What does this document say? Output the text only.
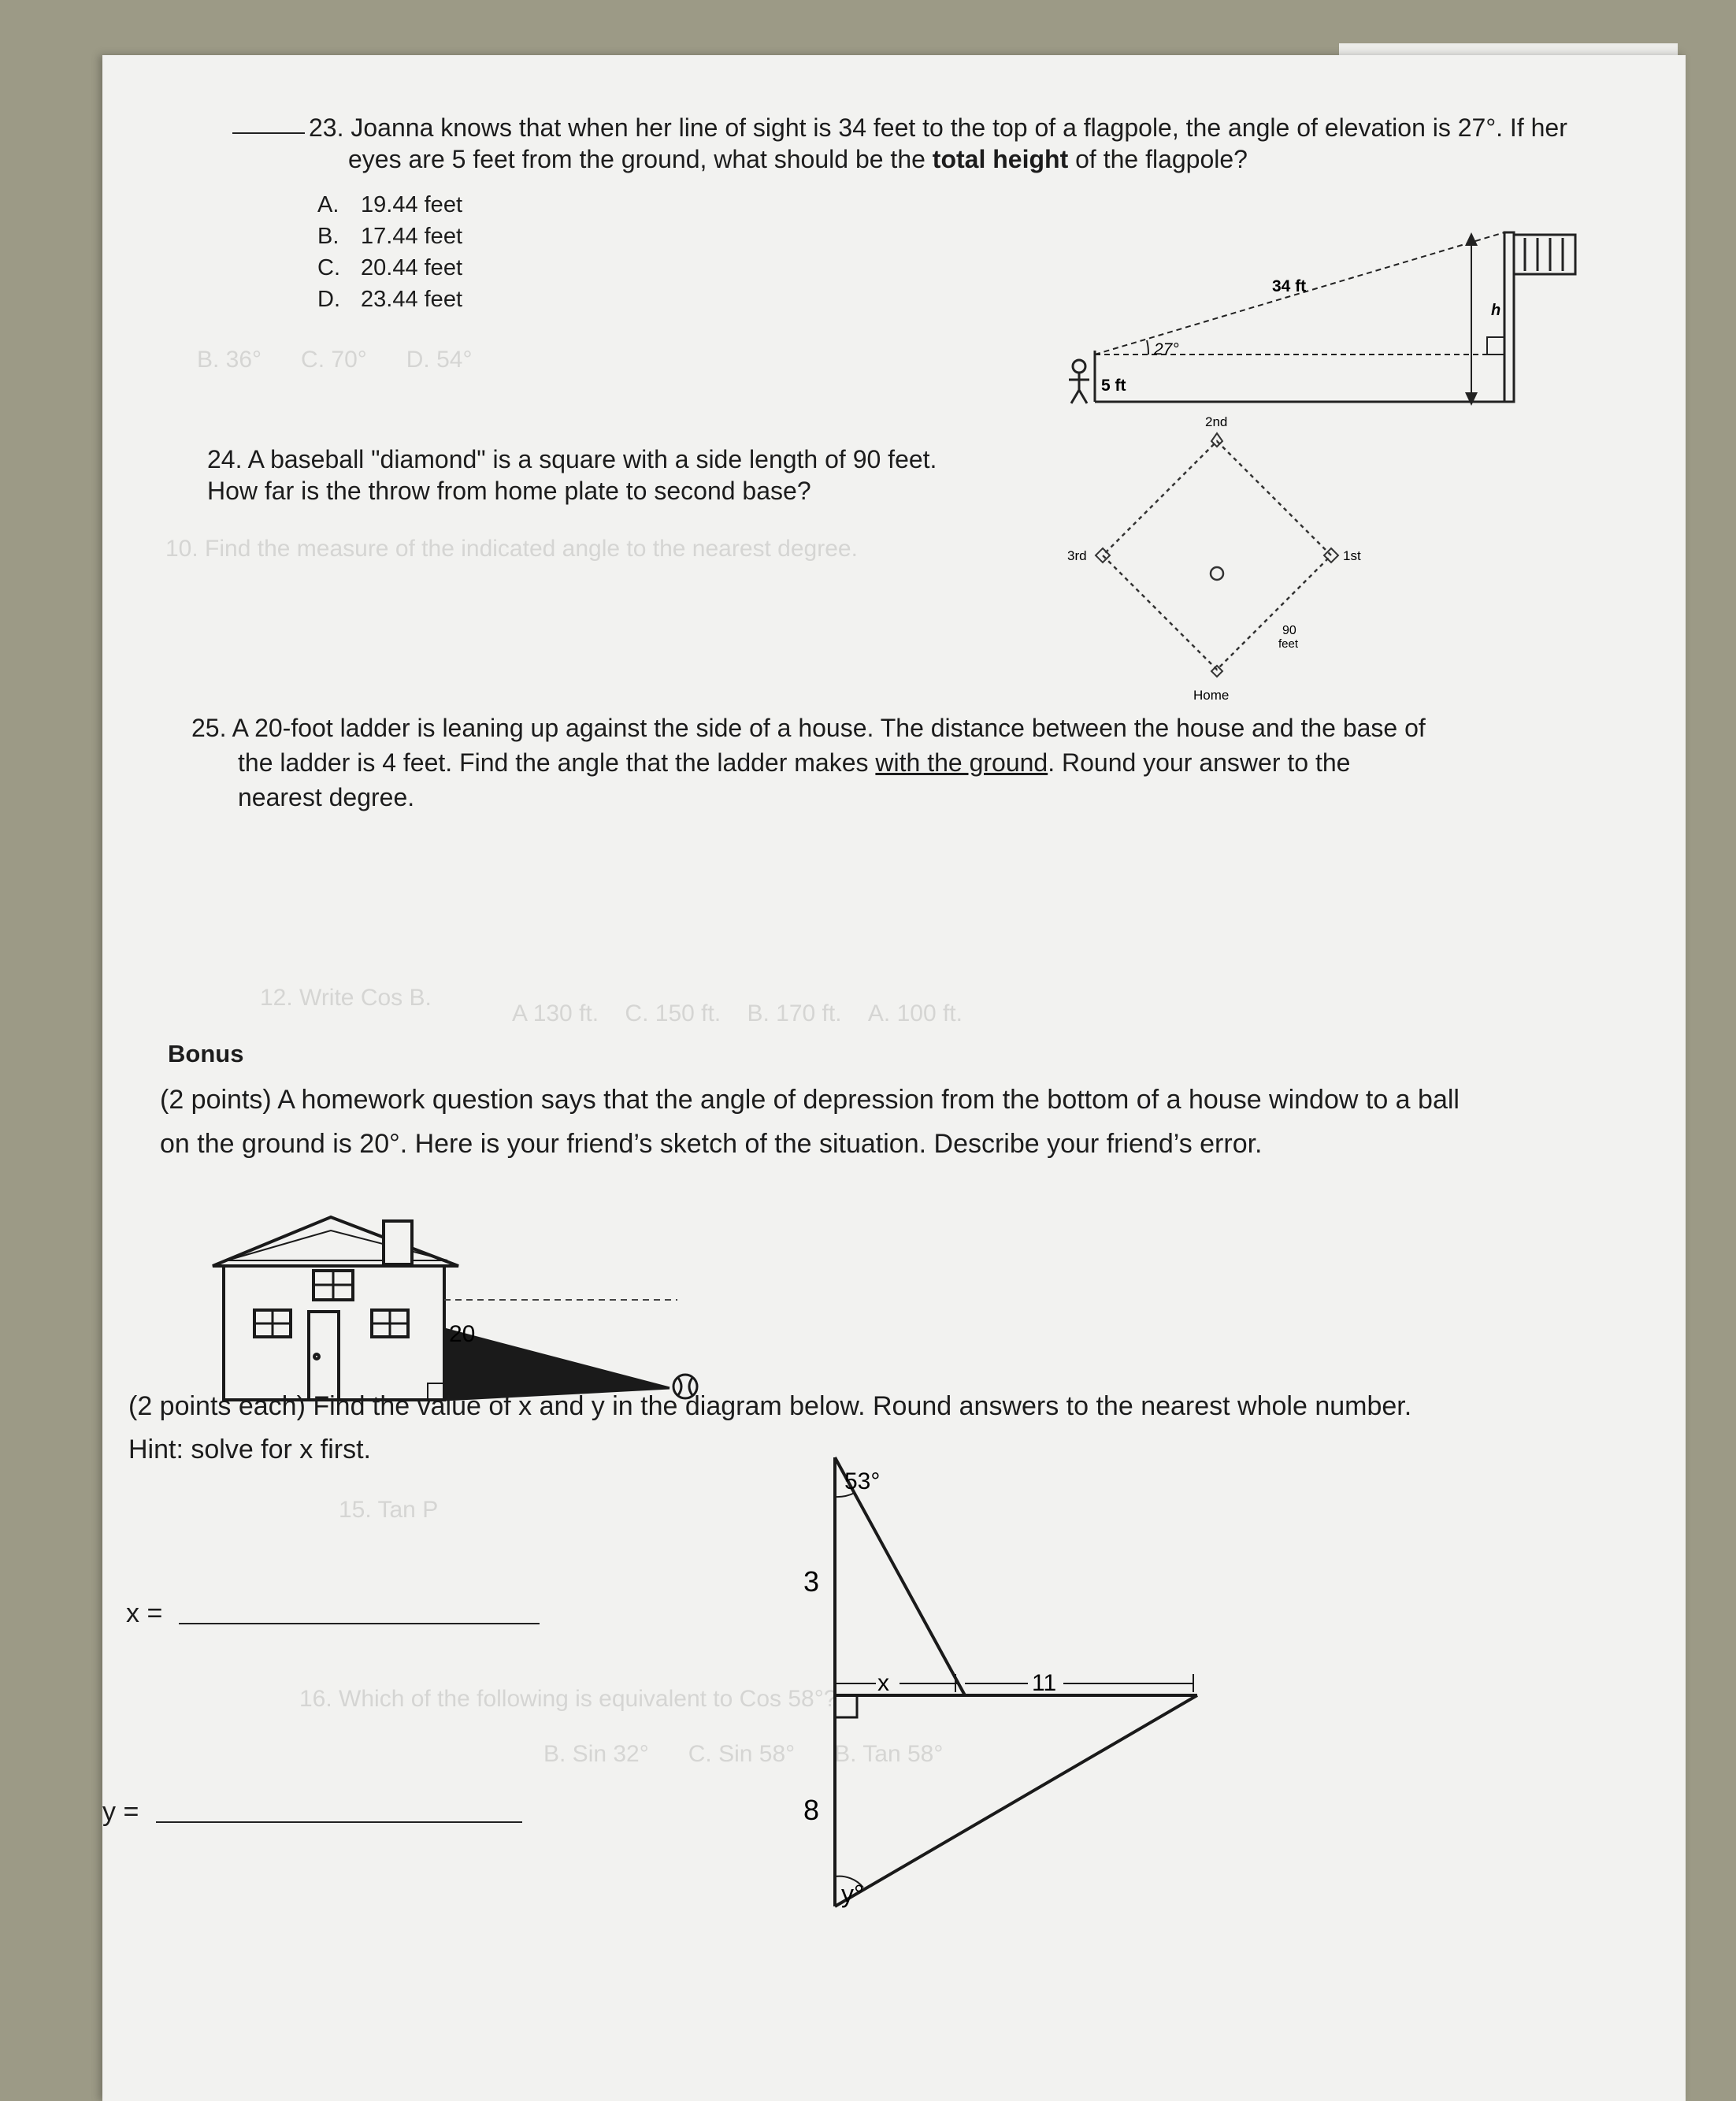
B. 36°      C. 70°      D. 54°
10. Find the measure of the indicated angle to the nearest degree.
12. Write Cos B.
A 130 ft.    C. 150 ft.    B. 170 ft.    A. 100 ft.
15. Tan P
16. Which of the following is equivalent to Cos 58°?
B. Sin 32°      C. Sin 58°      B. Tan 58°

23. Joanna knows that when her line of sight is 34 feet to the top of a flagpole, the angle of elevation is 27°. If her

eyes are 5 feet from the ground, what should be the total height of the flagpole?

A. 19.44 feet
B. 17.44 feet
C. 20.44 feet
D. 23.44 feet	h
34 ft
27°
5 ft

24. A baseball "diamond" is a square with a side length of 90 feet.

How far is the throw from home plate to second base?

2nd
3rd	1st
Home
90
feet

25. A 20-foot ladder is leaning up against the side of a house. The distance between the house and the base of

the ladder is 4 feet. Find the angle that the ladder makes with the ground. Round your answer to the

nearest degree.

Bonus

(2 points) A homework question says that the angle of depression from the bottom of a house window to a ball

on the ground is 20°. Here is your friend’s sketch of the situation. Describe your friend’s error.

20

(2 points each) Find the value of x and y in the diagram below. Round answers to the nearest whole number.

Hint: solve for x first.

x =

y =

53°
3
8
y°
x	11
